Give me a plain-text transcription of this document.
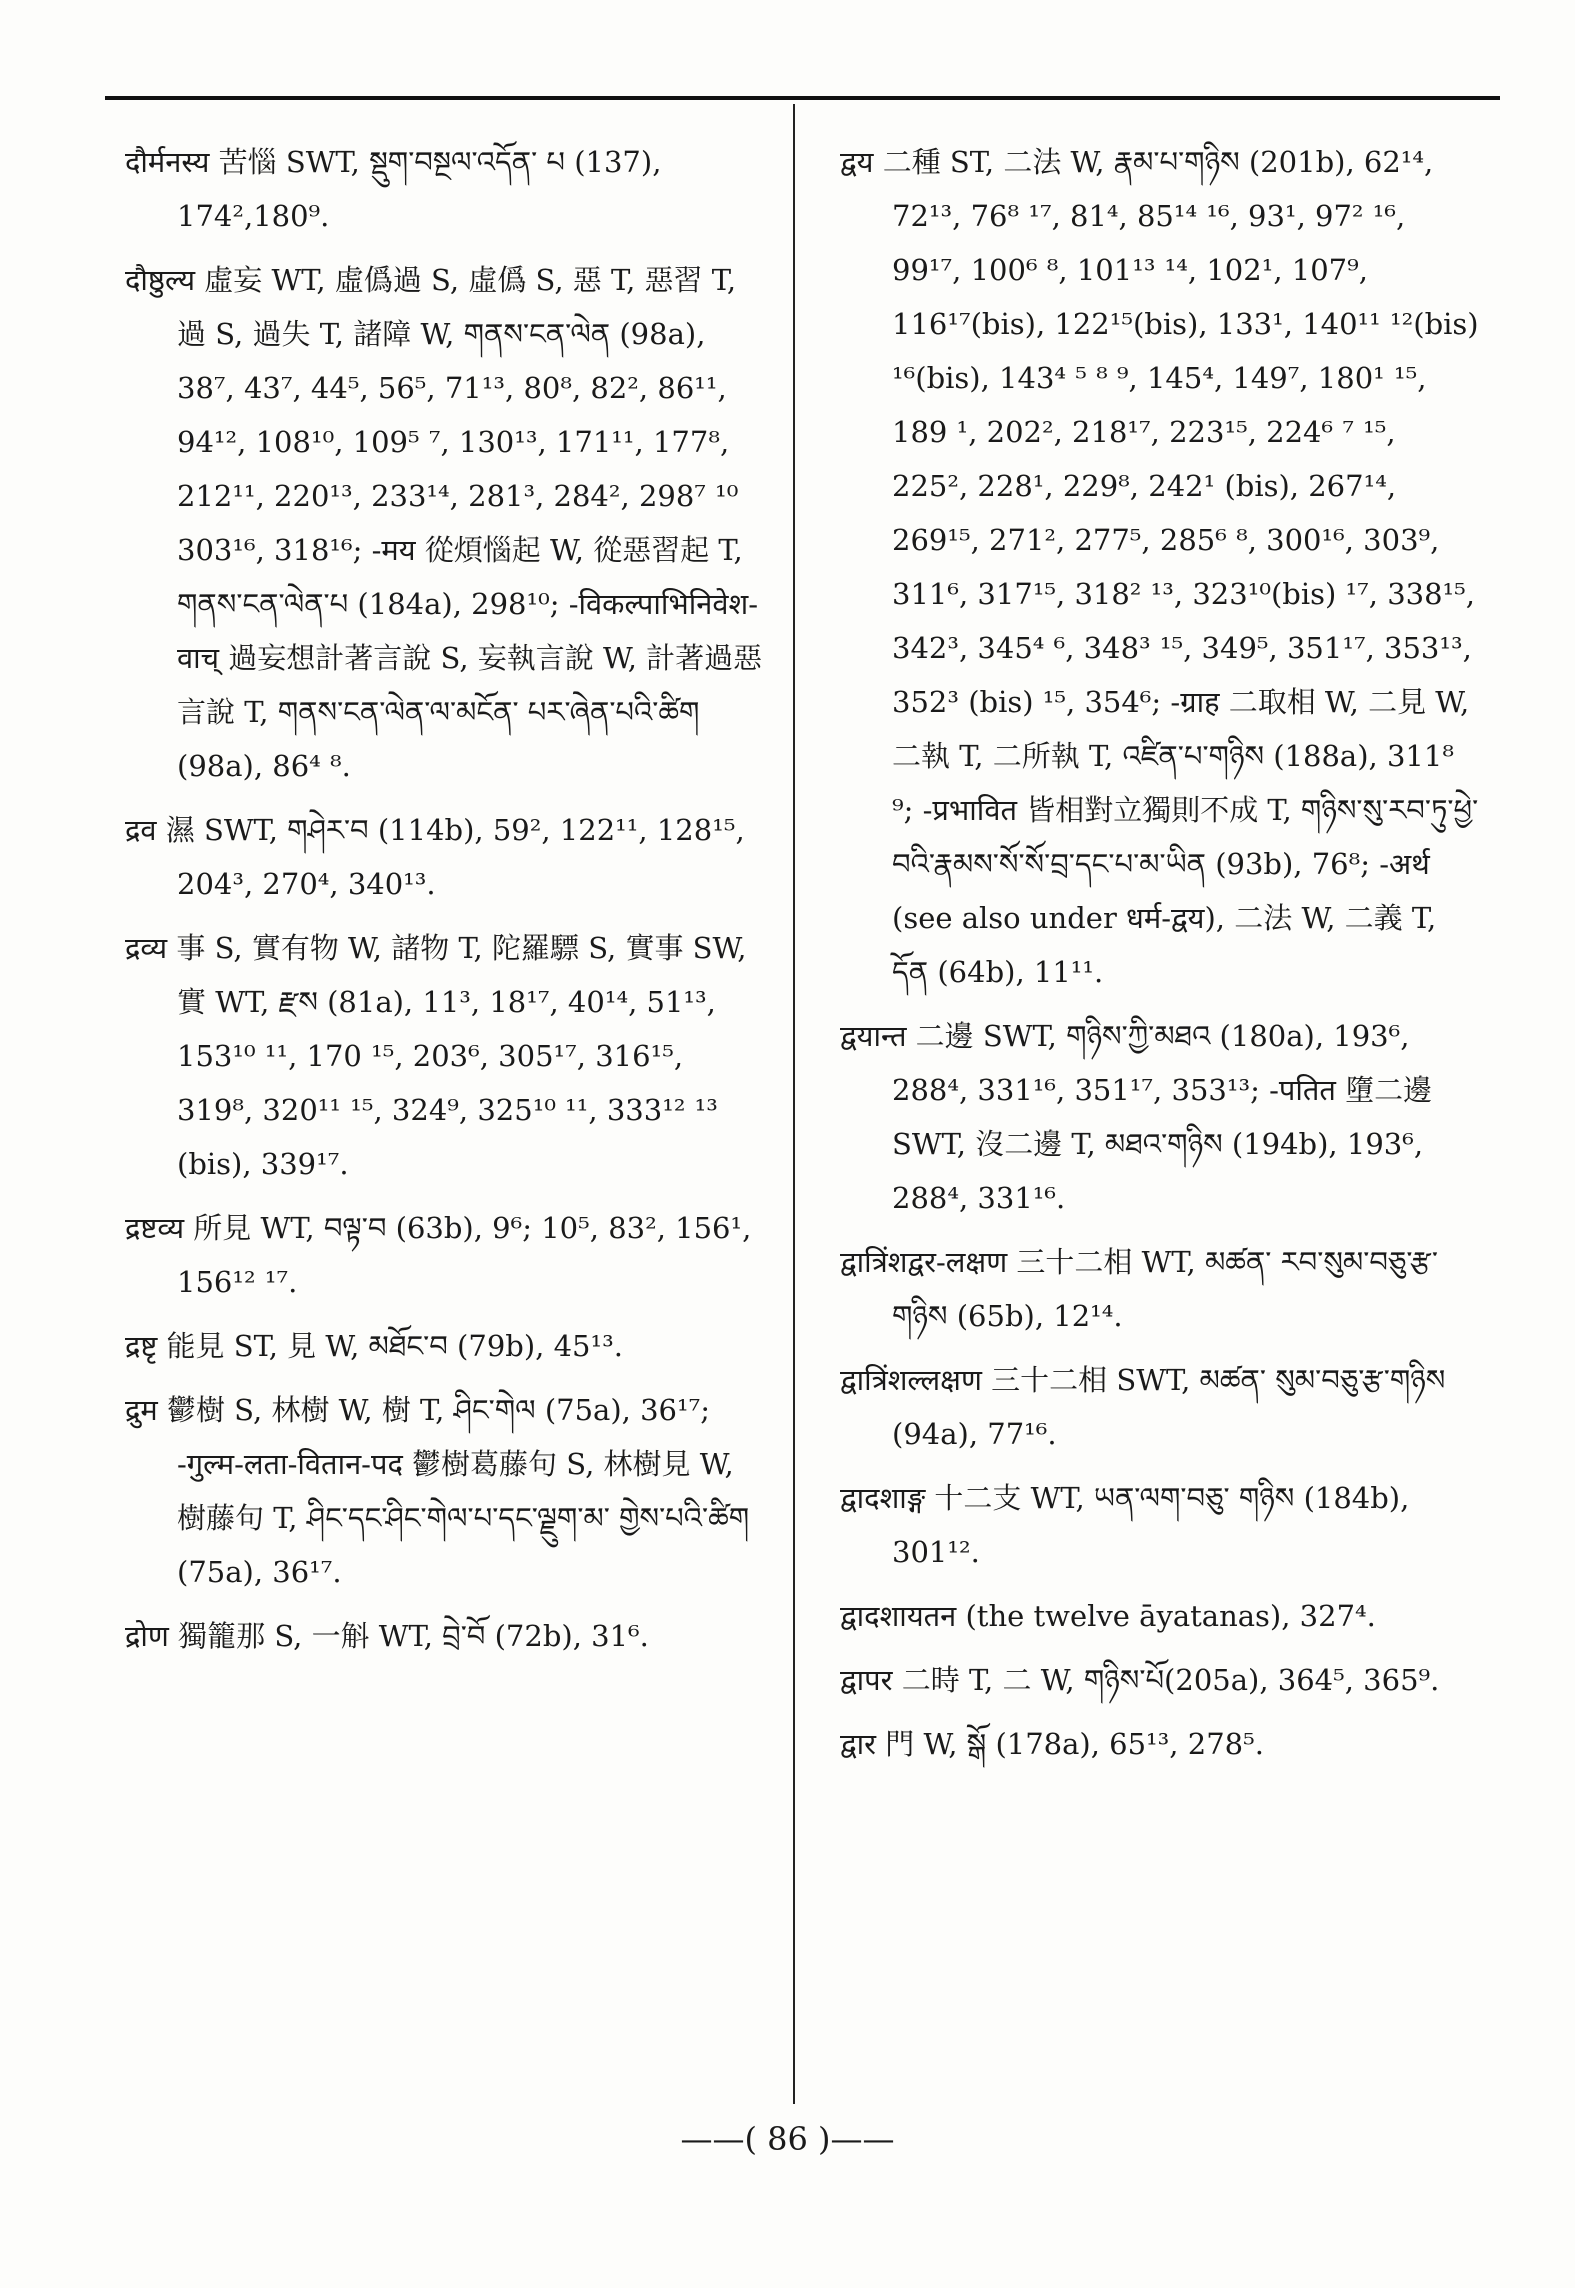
दौर्मनस्य 苦惱 SWT, སྡུག་བསྔལ་འདོན་ པ (137), 174²,180⁹.

दौष्ठुल्य 虛妄 WT, 虛僞過 S, 虛僞 S, 惡 T, 惡習 T, 過 S, 過失 T, 諸障 W, གནས་ངན་ལེན (98a), 38⁷, 43⁷, 44⁵, 56⁵, 71¹³, 80⁸, 82², 86¹¹, 94¹², 108¹⁰, 109⁵ ⁷, 130¹³, 171¹¹, 177⁸, 212¹¹, 220¹³, 233¹⁴, 281³, 284², 298⁷ ¹⁰ 303¹⁶, 318¹⁶; -मय 從煩惱起 W, 從惡習起 T, གནས་ངན་ལེན་པ (184a), 298¹⁰; -विकल्पाभिनिवेश-वाच् 過妄想計著言說 S, 妄執言說 W, 計著過惡言說 T, གནས་ངན་ལེན་ལ་མངོན་ པར་ཞེན་པའི་ཚིག (98a), 86⁴ ⁸.

द्रव 濕 SWT, གཤེར་བ (114b), 59², 122¹¹, 128¹⁵, 204³, 270⁴, 340¹³.

द्रव्य 事 S, 實有物 W, 諸物 T, 陀羅驃 S, 實事 SW, 實 WT, རྫས (81a), 11³, 18¹⁷, 40¹⁴, 51¹³, 153¹⁰ ¹¹, 170 ¹⁵, 203⁶, 305¹⁷, 316¹⁵, 319⁸, 320¹¹ ¹⁵, 324⁹, 325¹⁰ ¹¹, 333¹² ¹³ (bis), 339¹⁷.

द्रष्टव्य 所見 WT, བལྟ་བ (63b), 9⁶; 10⁵, 83², 156¹, 156¹² ¹⁷.

द्रष्टृ 能見 ST, 見 W, མཐོང་བ (79b), 45¹³.

द्रुम 鬱樹 S, 林樹 W, 樹 T, ཤིང་གེལ (75a), 36¹⁷; -गुल्म-लता-वितान-पद 鬱樹葛藤句 S, 林樹見 W, 樹藤句 T, ཤིང་དང་ཤིང་གེལ་པ་དང་ལྗུག་མ་ གྱེས་པའི་ཚིག (75a), 36¹⁷.

द्रोण 獨籠那 S, 一斛 WT, བྲེ་བོ (72b), 31⁶.

द्वय 二種 ST, 二法 W, རྣམ་པ་གཉིས (201b), 62¹⁴, 72¹³, 76⁸ ¹⁷, 81⁴, 85¹⁴ ¹⁶, 93¹, 97² ¹⁶, 99¹⁷, 100⁶ ⁸, 101¹³ ¹⁴, 102¹, 107⁹, 116¹⁷(bis), 122¹⁵(bis), 133¹, 140¹¹ ¹²(bis) ¹⁶(bis), 143⁴ ⁵ ⁸ ⁹, 145⁴, 149⁷, 180¹ ¹⁵, 189 ¹, 202², 218¹⁷, 223¹⁵, 224⁶ ⁷ ¹⁵, 225², 228¹, 229⁸, 242¹ (bis), 267¹⁴, 269¹⁵, 271², 277⁵, 285⁶ ⁸, 300¹⁶, 303⁹, 311⁶, 317¹⁵, 318² ¹³, 323¹⁰(bis) ¹⁷, 338¹⁵, 342³, 345⁴ ⁶, 348³ ¹⁵, 349⁵, 351¹⁷, 353¹³, 352³ (bis) ¹⁵, 354⁶; -ग्राह 二取相 W, 二見 W, 二執 T, 二所執 T, འཛིན་པ་གཉིས (188a), 311⁸ ⁹; -प्रभावित 皆相對立獨則不成 T, གཉིས་སུ་རབ་ཏུ་ཕྱེ་ བའི་རྣམས་སོ་སོ་བྲ་དང་པ་མ་ཡིན (93b), 76⁸; -अर्थ (see also under धर्म-द्वय), 二法 W, 二義 T, དོན (64b), 11¹¹.

द्वयान्त 二邊 SWT, གཉིས་ཀྱི་མཐའ (180a), 193⁶, 288⁴, 331¹⁶, 351¹⁷, 353¹³; -पतित 墮二邊 SWT, 沒二邊 T, མཐའ་གཉིས (194b), 193⁶, 288⁴, 331¹⁶.

द्वात्रिंशद्वर-लक्षण 三十二相 WT, མཚན་ རབ་སུམ་བཅུ་རྩ་གཉིས (65b), 12¹⁴.

द्वात्रिंशल्लक्षण 三十二相 SWT, མཚན་ སུམ་བཅུ་རྩ་གཉིས (94a), 77¹⁶.

द्वादशाङ्ग 十二支 WT, ཡན་ལག་བཅུ་ གཉིས (184b), 301¹².

द्वादशायतन (the twelve āyatanas), 327⁴.

द्वापर 二時 T, 二 W, གཉིས་པོ(205a), 364⁵, 365⁹.

द्वार 門 W, སྒོ (178a), 65¹³, 278⁵.

——( 86 )——
